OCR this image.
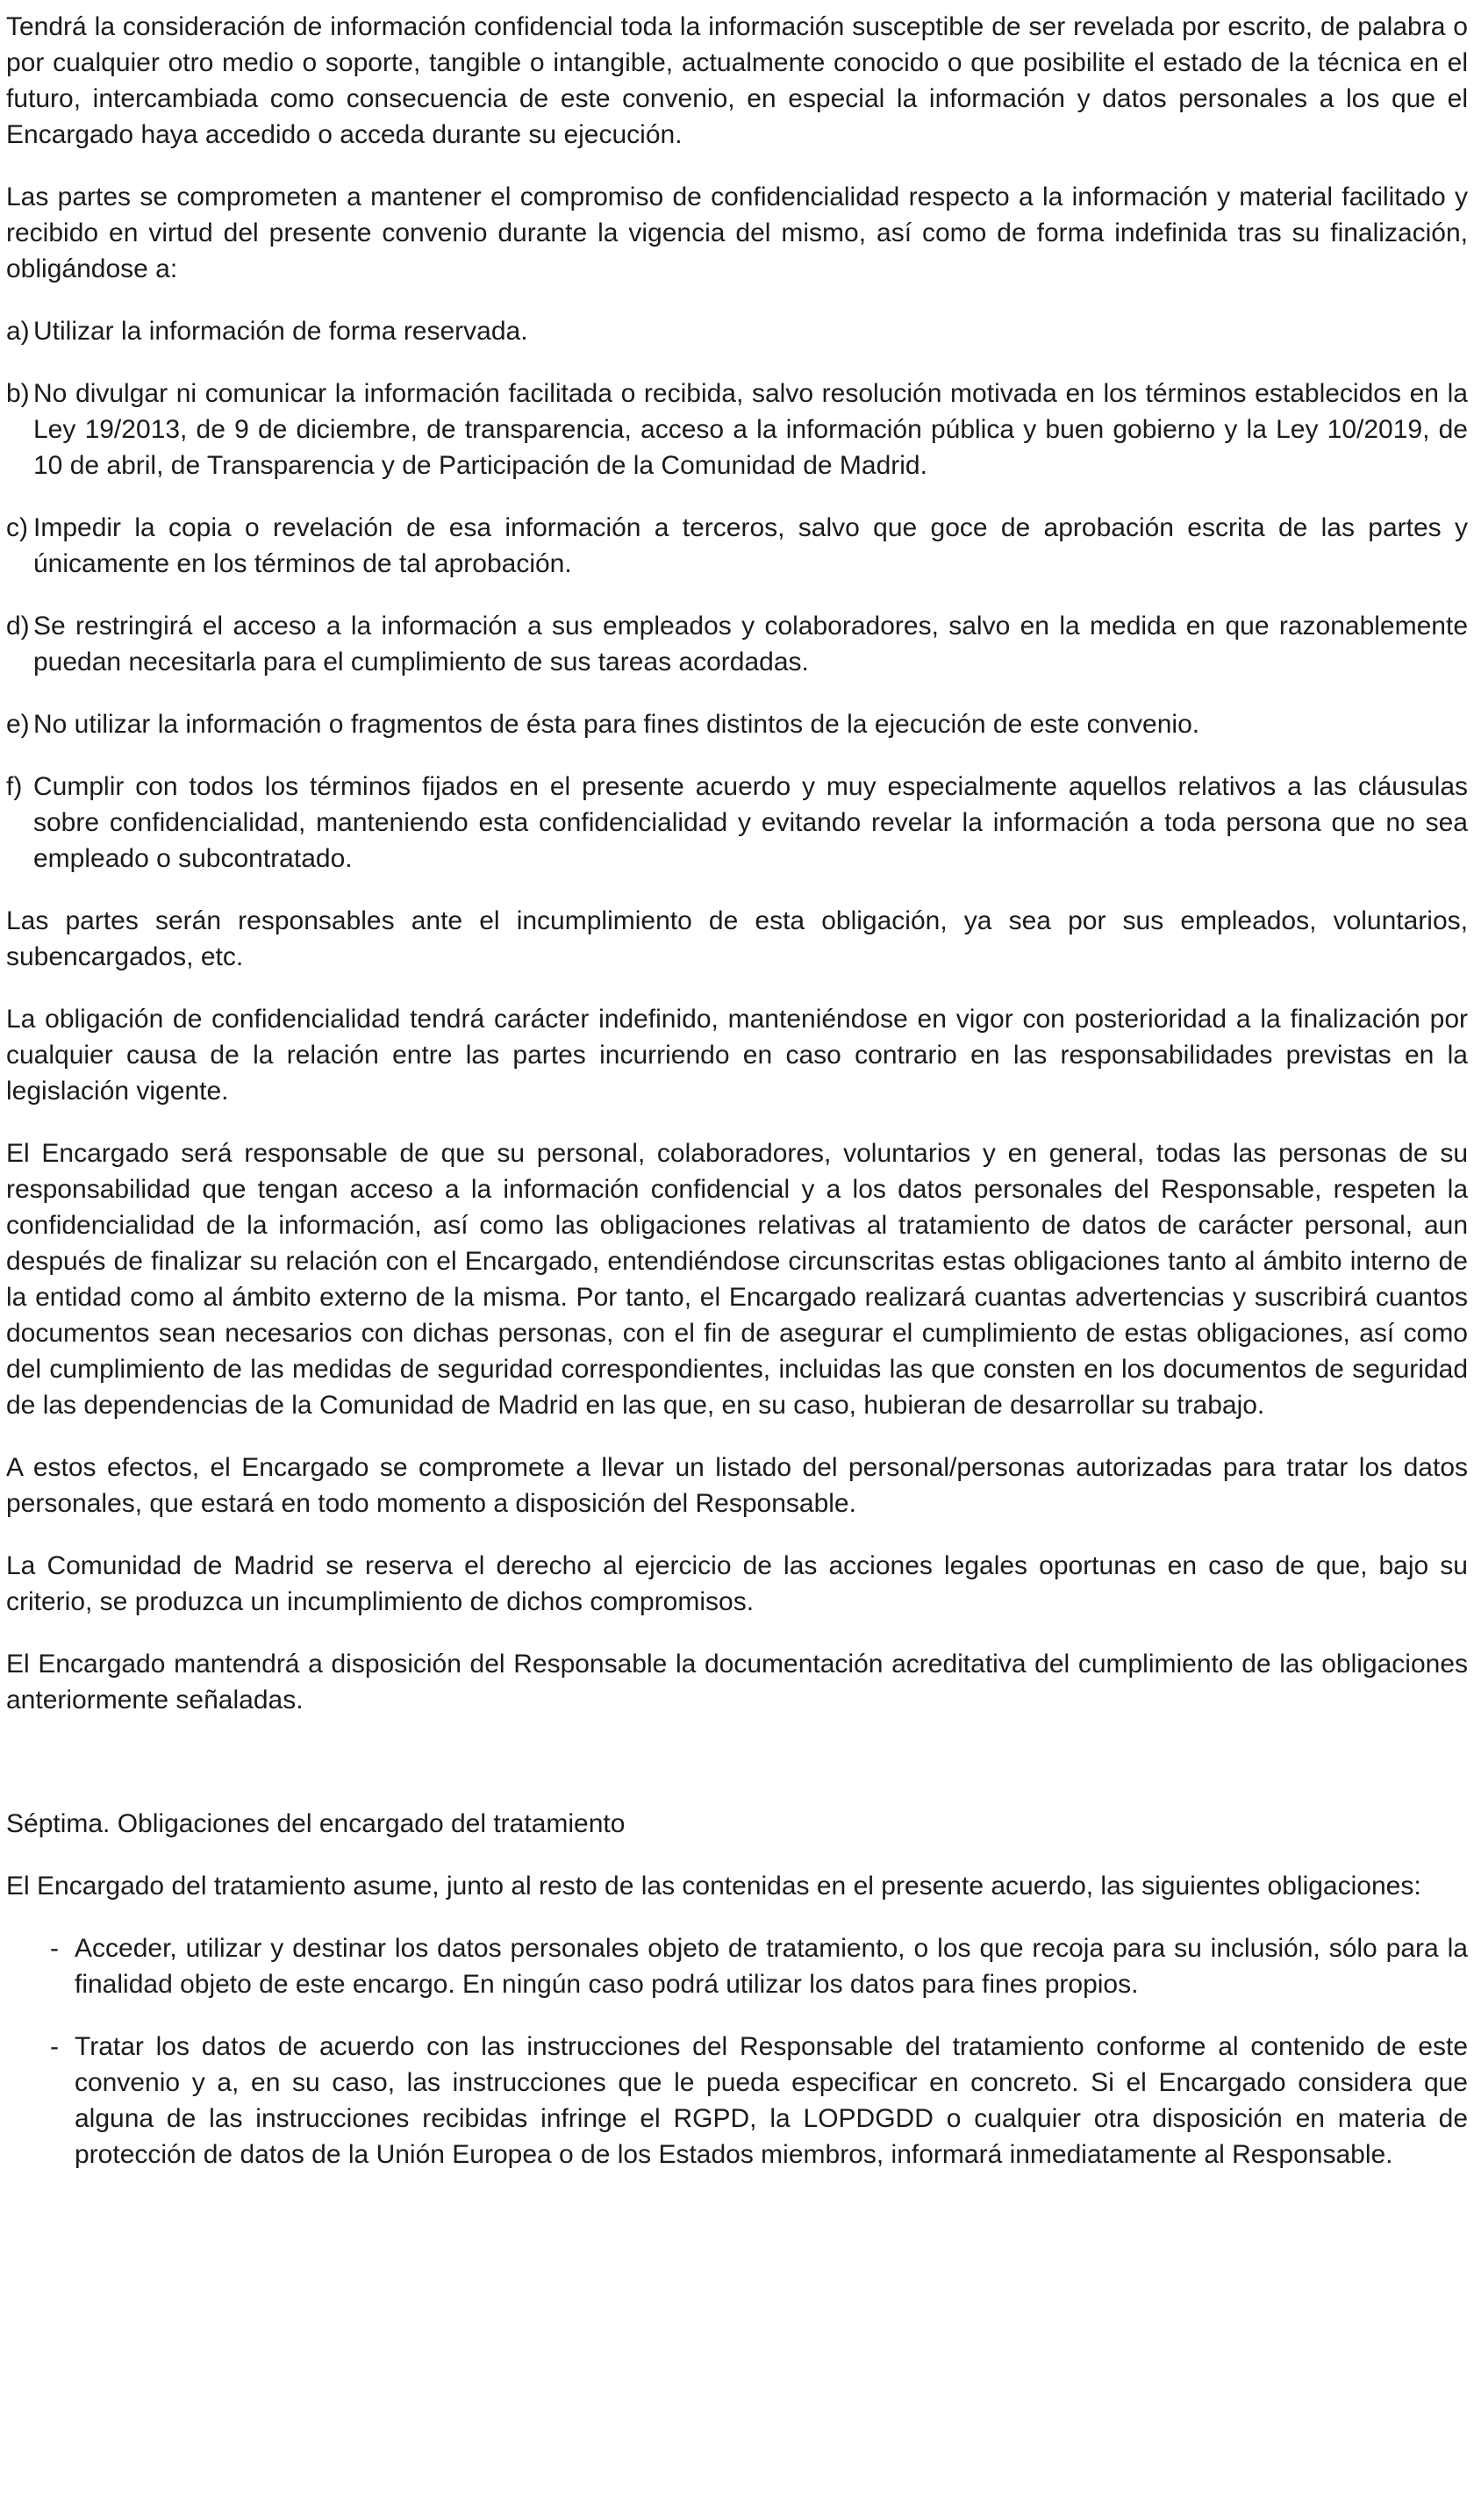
Tendrá la consideración de información confidencial toda la información susceptible de ser revelada por escrito, de palabra o por cualquier otro medio o soporte, tangible o intangible, actualmente conocido o que posibilite el estado de la técnica en el futuro, intercambiada como consecuencia de este convenio, en especial la información y datos personales a los que el Encargado haya accedido o acceda durante su ejecución.

Las partes se comprometen a mantener el compromiso de confidencialidad respecto a la información y material facilitado y recibido en virtud del presente convenio durante la vigencia del mismo, así como de forma indefinida tras su finalización, obligándose a:

a) Utilizar la información de forma reservada.
b) No divulgar ni comunicar la información facilitada o recibida, salvo resolución motivada en los términos establecidos en la Ley 19/2013, de 9 de diciembre, de transparencia, acceso a la información pública y buen gobierno y la Ley 10/2019, de 10 de abril, de Transparencia y de Participación de la Comunidad de Madrid.
c) Impedir la copia o revelación de esa información a terceros, salvo que goce de aprobación escrita de las partes y únicamente en los términos de tal aprobación.
d) Se restringirá el acceso a la información a sus empleados y colaboradores, salvo en la medida en que razonablemente puedan necesitarla para el cumplimiento de sus tareas acordadas.
e) No utilizar la información o fragmentos de ésta para fines distintos de la ejecución de este convenio.
f) Cumplir con todos los términos fijados en el presente acuerdo y muy especialmente aquellos relativos a las cláusulas sobre confidencialidad, manteniendo esta confidencialidad y evitando revelar la información a toda persona que no sea empleado o subcontratado.

Las partes serán responsables ante el incumplimiento de esta obligación, ya sea por sus empleados, voluntarios, subencargados, etc.

La obligación de confidencialidad tendrá carácter indefinido, manteniéndose en vigor con posterioridad a la finalización por cualquier causa de la relación entre las partes incurriendo en caso contrario en las responsabilidades previstas en la legislación vigente.

El Encargado será responsable de que su personal, colaboradores, voluntarios y en general, todas las personas de su responsabilidad que tengan acceso a la información confidencial y a los datos personales del Responsable, respeten la confidencialidad de la información, así como las obligaciones relativas al tratamiento de datos de carácter personal, aun después de finalizar su relación con el Encargado, entendiéndose circunscritas estas obligaciones tanto al ámbito interno de la entidad como al ámbito externo de la misma. Por tanto, el Encargado realizará cuantas advertencias y suscribirá cuantos documentos sean necesarios con dichas personas, con el fin de asegurar el cumplimiento de estas obligaciones, así como del cumplimiento de las medidas de seguridad correspondientes, incluidas las que consten en los documentos de seguridad de las dependencias de la Comunidad de Madrid en las que, en su caso, hubieran de desarrollar su trabajo.

A estos efectos, el Encargado se compromete a llevar un listado del personal/personas autorizadas para tratar los datos personales, que estará en todo momento a disposición del Responsable.

La Comunidad de Madrid se reserva el derecho al ejercicio de las acciones legales oportunas en caso de que, bajo su criterio, se produzca un incumplimiento de dichos compromisos.

El Encargado mantendrá a disposición del Responsable la documentación acreditativa del cumplimiento de las obligaciones anteriormente señaladas.

Séptima. Obligaciones del encargado del tratamiento

El Encargado del tratamiento asume, junto al resto de las contenidas en el presente acuerdo, las siguientes obligaciones:

- Acceder, utilizar y destinar los datos personales objeto de tratamiento, o los que recoja para su inclusión, sólo para la finalidad objeto de este encargo. En ningún caso podrá utilizar los datos para fines propios.
- Tratar los datos de acuerdo con las instrucciones del Responsable del tratamiento conforme al contenido de este convenio y a, en su caso, las instrucciones que le pueda especificar en concreto. Si el Encargado considera que alguna de las instrucciones recibidas infringe el RGPD, la LOPDGDD o cualquier otra disposición en materia de protección de datos de la Unión Europea o de los Estados miembros, informará inmediatamente al Responsable.
